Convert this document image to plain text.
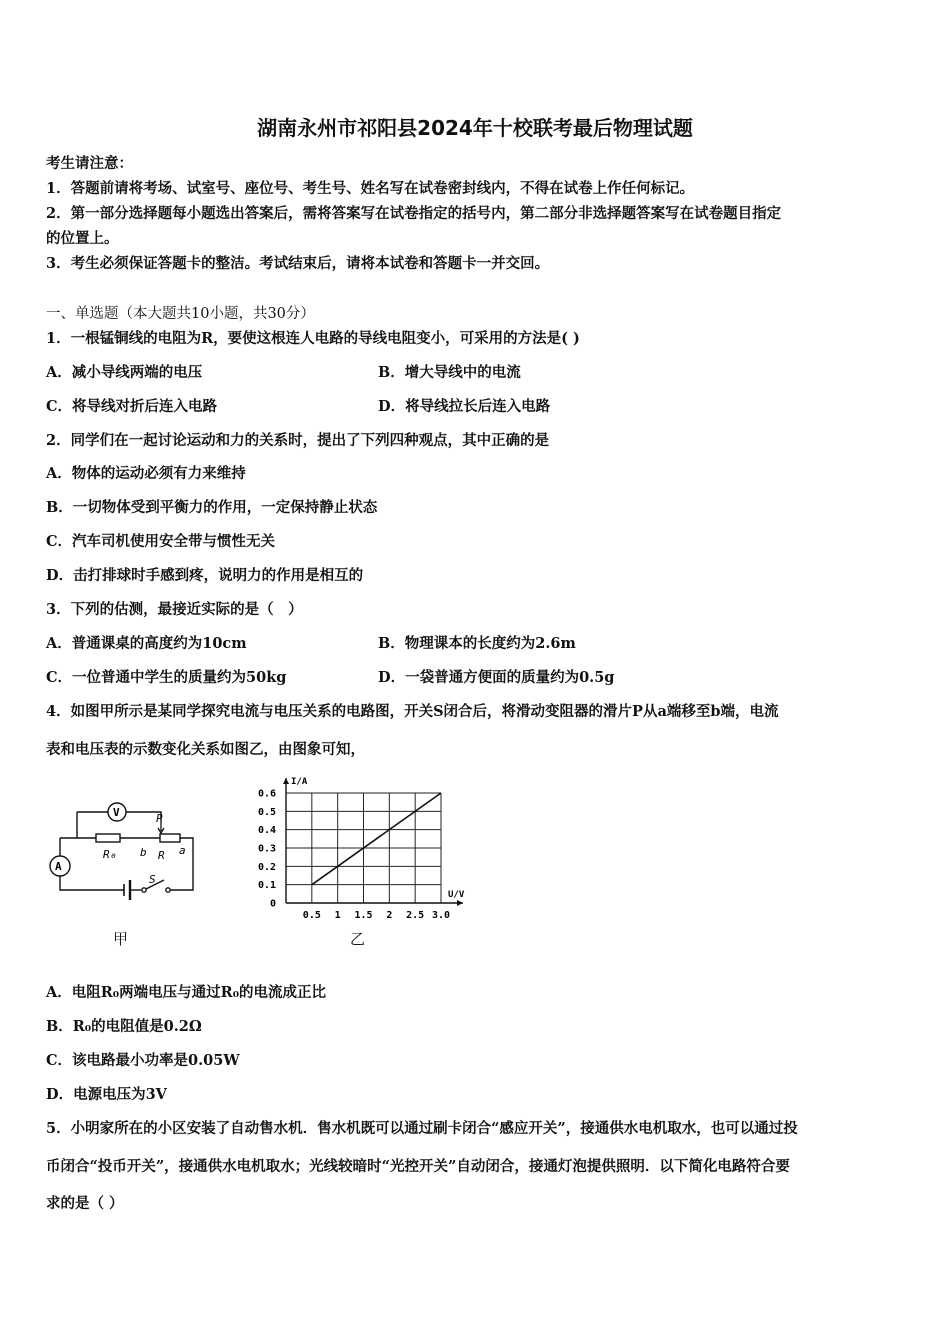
湖南永州市祁阳县2024年十校联考最后物理试题
考生请注意：
1．答题前请将考场、试室号、座位号、考生号、姓名写在试卷密封线内，不得在试卷上作任何标记。
2．第一部分选择题每小题选出答案后，需将答案写在试卷指定的括号内，第二部分非选择题答案写在试卷题目指定
的位置上。
3．考生必须保证答题卡的整洁。考试结束后，请将本试卷和答题卡一并交回。
一、单选题（本大题共10小题，共30分）
1．一根锰铜线的电阻为R，要使这根连人电路的导线电阻变小，可采用的方法是( )
A．减小导线两端的电压	B．增大导线中的电流
C．将导线对折后连入电路	D．将导线拉长后连入电路
2．同学们在一起讨论运动和力的关系时，提出了下列四种观点，其中正确的是
A．物体的运动必须有力来维持
B．一切物体受到平衡力的作用，一定保持静止状态
C．汽车司机使用安全带与惯性无关
D．击打排球时手感到疼，说明力的作用是相互的
3．下列的估测，最接近实际的是（　）
A．普通课桌的高度约为10cm	B．物理课本的长度约为2.6m
C．一位普通中学生的质量约为50kg	D．一袋普通方便面的质量约为0.5g
4．如图甲所示是某同学探究电流与电压关系的电路图，开关S闭合后，将滑动变阻器的滑片P从a端移至b端，电流
表和电压表的示数变化关系如图乙，由图象可知，
V
A
R₀	R
P
b	a
S
甲
0.5 1 1.5 2 2.5 3.0
0
0.1
0.2
0.3
0.4
0.5
0.6
U/V
I/A
乙
A．电阻R₀两端电压与通过R₀的电流成正比
B．R₀的电阻值是0.2Ω
C．该电路最小功率是0.05W
D．电源电压为3V
5．小明家所在的小区安装了自动售水机．售水机既可以通过刷卡闭合“感应开关”，接通供水电机取水，也可以通过投
币闭合“投币开关”，接通供水电机取水；光线较暗时“光控开关”自动闭合，接通灯泡提供照明．以下简化电路符合要
求的是（ ）
